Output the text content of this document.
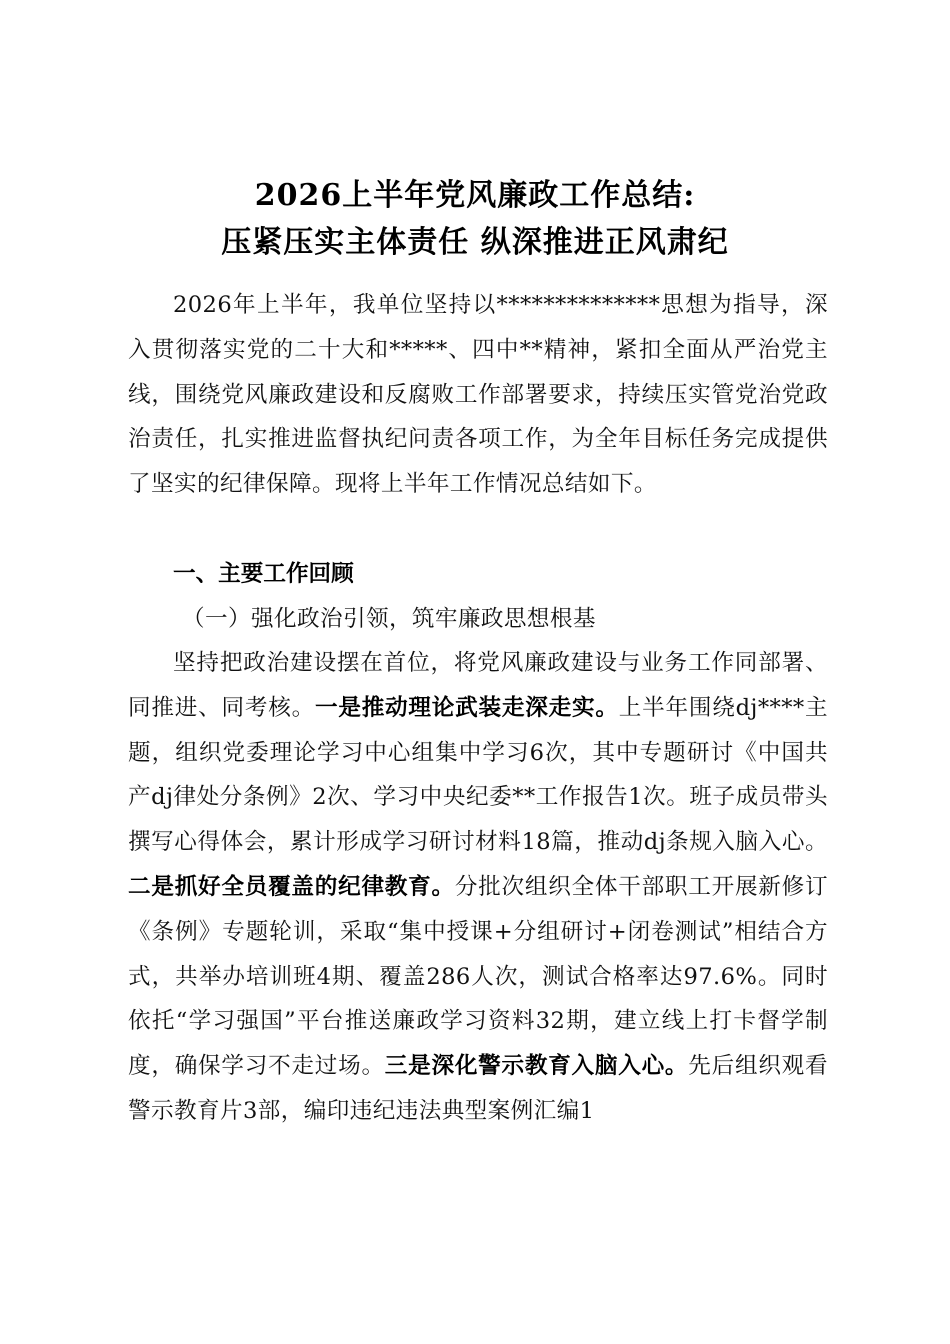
2026上半年党风廉政工作总结:
压紧压实主体责任 纵深推进正风肃纪
2026年上半年，我单位坚持以**************思想为指导，深入贯彻落实党的二十大和*****、四中**精神，紧扣全面从严治党主线，围绕党风廉政建设和反腐败工作部署要求，持续压实管党治党政治责任，扎实推进监督执纪问责各项工作，为全年目标任务完成提供了坚实的纪律保障。现将上半年工作情况总结如下。
一、主要工作回顾
（一）强化政治引领，筑牢廉政思想根基
坚持把政治建设摆在首位，将党风廉政建设与业务工作同部署、同推进、同考核。一是推动理论武装走深走实。上半年围绕dj****主题，组织党委理论学习中心组集中学习6次，其中专题研讨《中国共产dj律处分条例》2次、学习中央纪委**工作报告1次。班子成员带头撰写心得体会，累计形成学习研讨材料18篇，推动dj条规入脑入心。二是抓好全员覆盖的纪律教育。分批次组织全体干部职工开展新修订《条例》专题轮训，采取“集中授课+分组研讨+闭卷测试”相结合方式，共举办培训班4期、覆盖286人次，测试合格率达97.6%。同时依托“学习强国”平台推送廉政学习资料32期，建立线上打卡督学制度，确保学习不走过场。三是深化警示教育入脑入心。先后组织观看警示教育片3部，编印违纪违法典型案例汇编1
